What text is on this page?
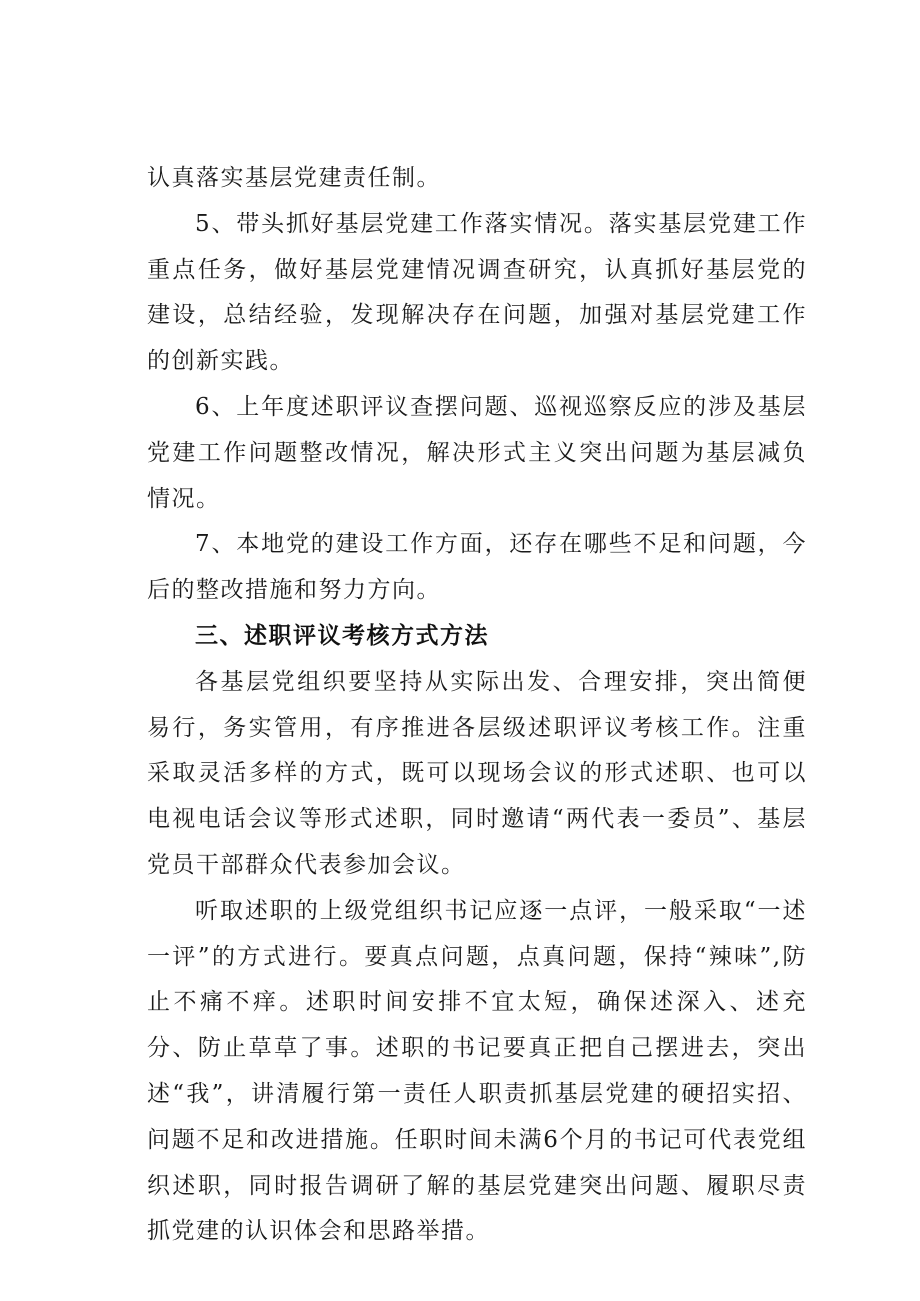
认真落实基层党建责任制。

5、带头抓好基层党建工作落实情况。落实基层党建工作重点任务，做好基层党建情况调查研究，认真抓好基层党的建设，总结经验，发现解决存在问题，加强对基层党建工作的创新实践。

6、上年度述职评议查摆问题、巡视巡察反应的涉及基层党建工作问题整改情况，解决形式主义突出问题为基层减负情况。

7、本地党的建设工作方面，还存在哪些不足和问题，今后的整改措施和努力方向。

三、述职评议考核方式方法

各基层党组织要坚持从实际出发、合理安排，突出简便易行，务实管用，有序推进各层级述职评议考核工作。注重采取灵活多样的方式，既可以现场会议的形式述职、也可以电视电话会议等形式述职，同时邀请“两代表一委员”、基层党员干部群众代表参加会议。

听取述职的上级党组织书记应逐一点评，一般采取“一述一评”的方式进行。要真点问题，点真问题，保持“辣味”,防止不痛不痒。述职时间安排不宜太短，确保述深入、述充分、防止草草了事。述职的书记要真正把自己摆进去，突出述“我”，讲清履行第一责任人职责抓基层党建的硬招实招、问题不足和改进措施。任职时间未满6个月的书记可代表党组织述职，同时报告调研了解的基层党建突出问题、履职尽责抓党建的认识体会和思路举措。
